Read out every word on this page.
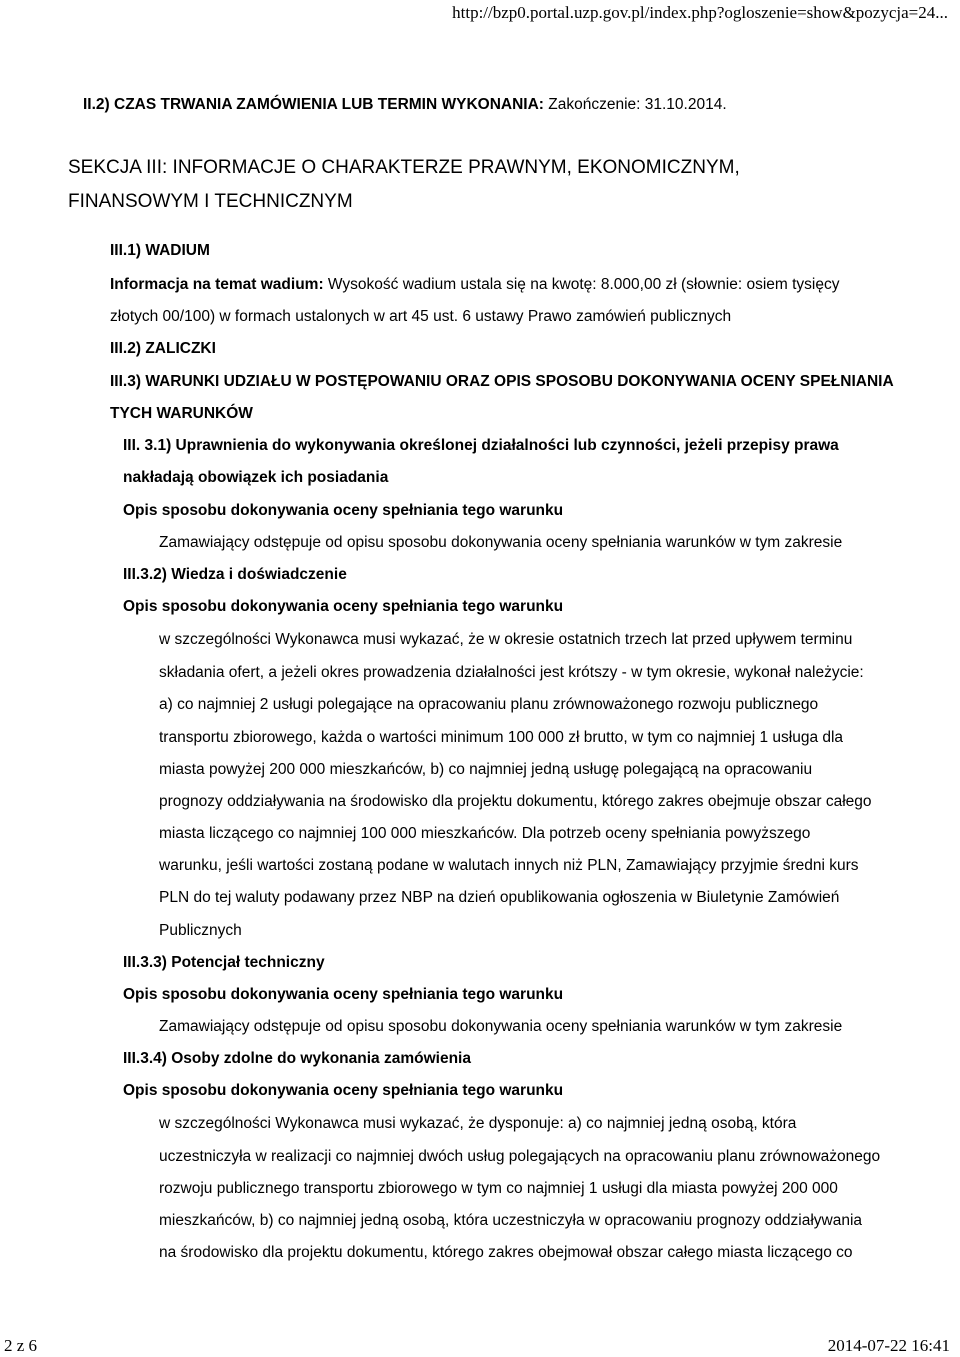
http://bzp0.portal.uzp.gov.pl/index.php?ogloszenie=show&pozycja=24...
II.2) CZAS TRWANIA ZAMÓWIENIA LUB TERMIN WYKONANIA: Zakończenie: 31.10.2014.
SEKCJA III: INFORMACJE O CHARAKTERZE PRAWNYM, EKONOMICZNYM,
FINANSOWYM I TECHNICZNYM
III.1) WADIUM
Informacja na temat wadium: Wysokość wadium ustala się na kwotę: 8.000,00 zł (słownie: osiem tysięcy
złotych 00/100) w formach ustalonych w art 45 ust. 6 ustawy Prawo zamówień publicznych
III.2) ZALICZKI
III.3) WARUNKI UDZIAŁU W POSTĘPOWANIU ORAZ OPIS SPOSOBU DOKONYWANIA OCENY SPEŁNIANIA
TYCH WARUNKÓW
III. 3.1) Uprawnienia do wykonywania określonej działalności lub czynności, jeżeli przepisy prawa
nakładają obowiązek ich posiadania
Opis sposobu dokonywania oceny spełniania tego warunku
Zamawiający odstępuje od opisu sposobu dokonywania oceny spełniania warunków w tym zakresie
III.3.2) Wiedza i doświadczenie
Opis sposobu dokonywania oceny spełniania tego warunku
w szczególności Wykonawca musi wykazać, że w okresie ostatnich trzech lat przed upływem terminu
składania ofert, a jeżeli okres prowadzenia działalności jest krótszy - w tym okresie, wykonał należycie:
a) co najmniej 2 usługi polegające na opracowaniu planu zrównoważonego rozwoju publicznego
transportu zbiorowego, każda o wartości minimum 100 000 zł brutto, w tym co najmniej 1 usługa dla
miasta powyżej 200 000 mieszkańców, b) co najmniej jedną usługę polegającą na opracowaniu
prognozy oddziaływania na środowisko dla projektu dokumentu, którego zakres obejmuje obszar całego
miasta liczącego co najmniej 100 000 mieszkańców. Dla potrzeb oceny spełniania powyższego
warunku, jeśli wartości zostaną podane w walutach innych niż PLN, Zamawiający przyjmie średni kurs
PLN do tej waluty podawany przez NBP na dzień opublikowania ogłoszenia w Biuletynie Zamówień
Publicznych
III.3.3) Potencjał techniczny
Opis sposobu dokonywania oceny spełniania tego warunku
Zamawiający odstępuje od opisu sposobu dokonywania oceny spełniania warunków w tym zakresie
III.3.4) Osoby zdolne do wykonania zamówienia
Opis sposobu dokonywania oceny spełniania tego warunku
w szczególności Wykonawca musi wykazać, że dysponuje: a) co najmniej jedną osobą, która
uczestniczyła w realizacji co najmniej dwóch usług polegających na opracowaniu planu zrównoważonego
rozwoju publicznego transportu zbiorowego w tym co najmniej 1 usługi dla miasta powyżej 200 000
mieszkańców, b) co najmniej jedną osobą, która uczestniczyła w opracowaniu prognozy oddziaływania
na środowisko dla projektu dokumentu, którego zakres obejmował obszar całego miasta liczącego co
2 z 6	2014-07-22 16:41
